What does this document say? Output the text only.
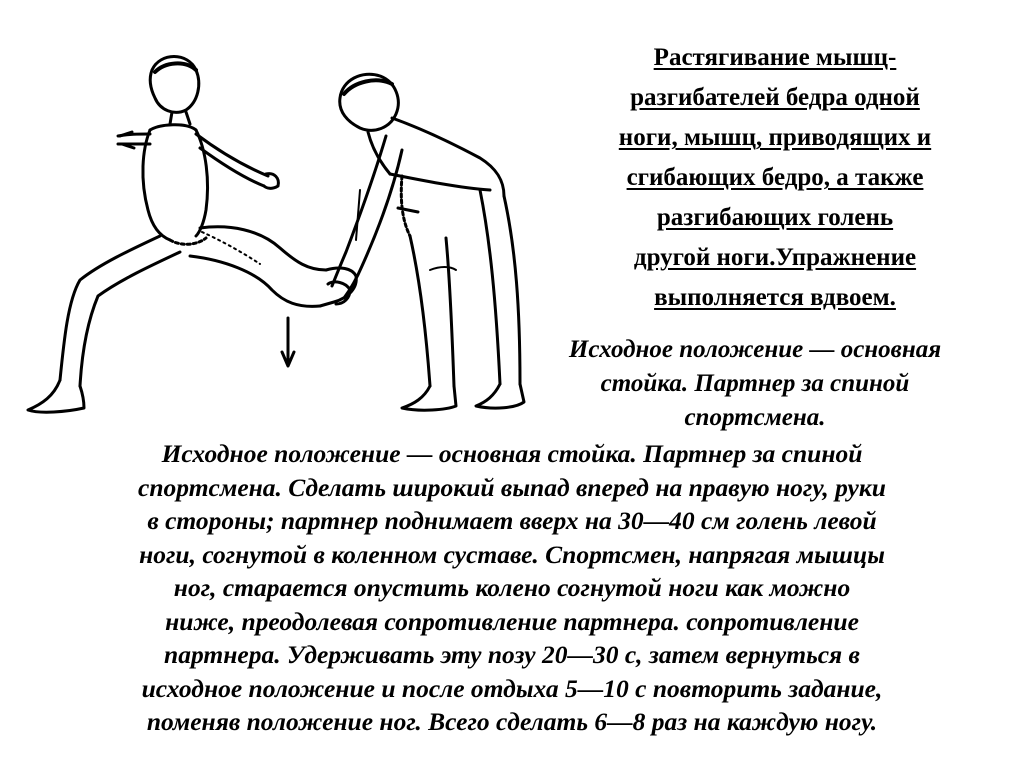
Растягивание мышц-
разгибателей бедра одной
ноги, мышц, приводящих и
сгибающих бедро, а также
разгибающих голень
другой ноги.Упражнение
выполняется вдвоем.
Исходное положение — основная
стойка. Партнер за спиной
спортсмена.
Исходное положение — основная стойка. Партнер за спиной
спортсмена. Сделать широкий выпад вперед на правую ногу, руки
в стороны; партнер поднимает вверх на 30—40 см голень левой
ноги, согнутой в коленном суставе. Спортсмен, напрягая мышцы
ног, старается опустить колено согнутой ноги как можно
ниже, преодолевая сопротивление партнера. сопротивление
партнера. Удерживать эту позу 20—30 с, затем вернуться в
исходное положение и после отдыха 5—10 с повторить задание,
поменяв положение ног. Всего сделать 6—8 раз на каждую ногу.
